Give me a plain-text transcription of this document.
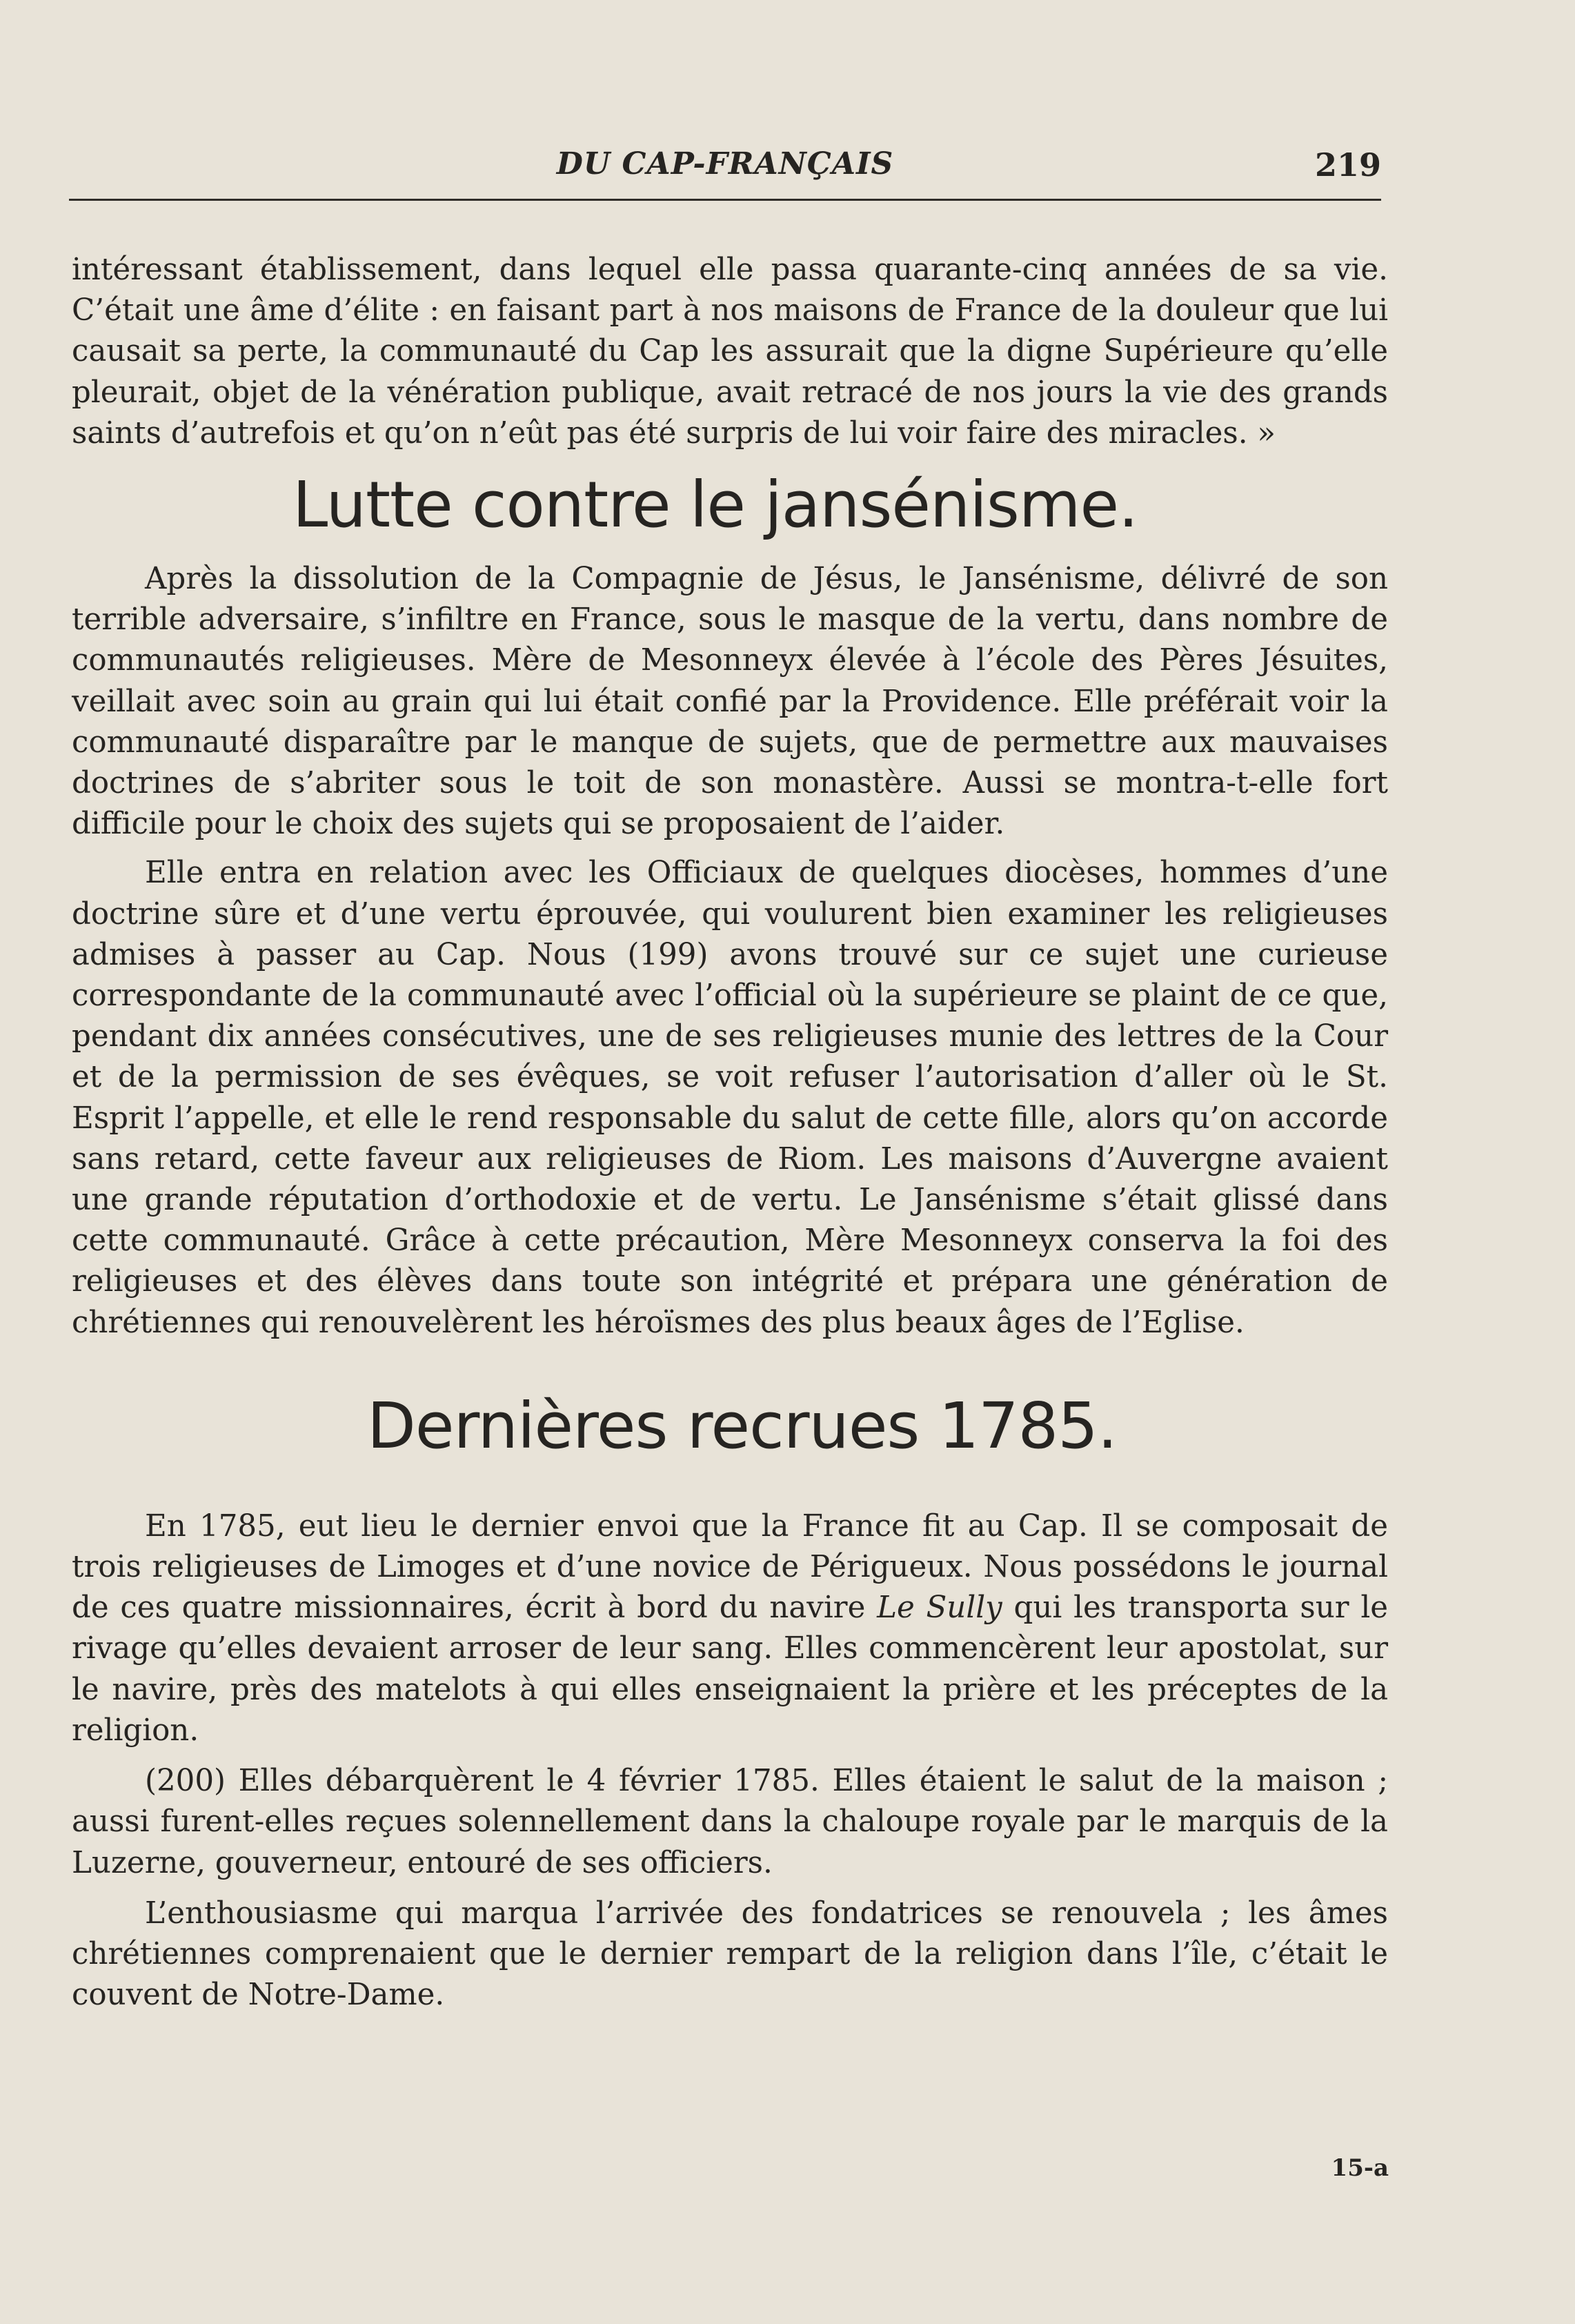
DU CAP-FRANÇAIS	219

intéressant établissement, dans lequel elle passa quarante-cinq années de sa vie. C’était une âme d’élite : en faisant part à nos maisons de France de la douleur que lui causait sa perte, la communauté du Cap les assurait que la digne Supérieure qu’elle pleurait, objet de la vénération publique, avait retracé de nos jours la vie des grands saints d’autrefois et qu’on n’eût pas été surpris de lui voir faire des miracles. »

Lutte contre le jansénisme.

Après la dissolution de la Compagnie de Jésus, le Jansénisme, délivré de son terrible adversaire, s’infiltre en France, sous le masque de la vertu, dans nombre de communautés religieuses. Mère de Mesonneyx élevée à l’école des Pères Jésuites, veillait avec soin au grain qui lui était confié par la Providence. Elle préférait voir la communauté disparaître par le manque de sujets, que de permettre aux mauvaises doctrines de s’abriter sous le toit de son monastère. Aussi se montra-t-elle fort difficile pour le choix des sujets qui se proposaient de l’aider.

Elle entra en relation avec les Officiaux de quelques diocèses, hommes d’une doctrine sûre et d’une vertu éprouvée, qui voulurent bien examiner les religieuses admises à passer au Cap. Nous (199) avons trouvé sur ce sujet une curieuse correspondante de la communauté avec l’official où la supérieure se plaint de ce que, pendant dix années consécutives, une de ses religieuses munie des lettres de la Cour et de la permission de ses évêques, se voit refuser l’autorisation d’aller où le St. Esprit l’appelle, et elle le rend responsable du salut de cette fille, alors qu’on accorde sans retard, cette faveur aux religieuses de Riom. Les maisons d’Auvergne avaient une grande réputation d’orthodoxie et de vertu. Le Jansénisme s’était glissé dans cette communauté. Grâce à cette précaution, Mère Mesonneyx conserva la foi des religieuses et des élèves dans toute son intégrité et prépara une génération de chrétiennes qui renouvelèrent les héroïsmes des plus beaux âges de l’Eglise.

Dernières recrues 1785.

En 1785, eut lieu le dernier envoi que la France fit au Cap. Il se composait de trois religieuses de Limoges et d’une novice de Périgueux. Nous possédons le journal de ces quatre missionnaires, écrit à bord du navire Le Sully qui les transporta sur le rivage qu’elles devaient arroser de leur sang. Elles commencèrent leur apostolat, sur le navire, près des matelots à qui elles enseignaient la prière et les préceptes de la religion.

(200) Elles débarquèrent le 4 février 1785. Elles étaient le salut de la maison ; aussi furent-elles reçues solennellement dans la chaloupe royale par le marquis de la Luzerne, gouverneur, entouré de ses officiers.

L’enthousiasme qui marqua l’arrivée des fondatrices se renouvela ; les âmes chrétiennes comprenaient que le dernier rempart de la religion dans l’île, c’était le couvent de Notre-Dame.

15-a
